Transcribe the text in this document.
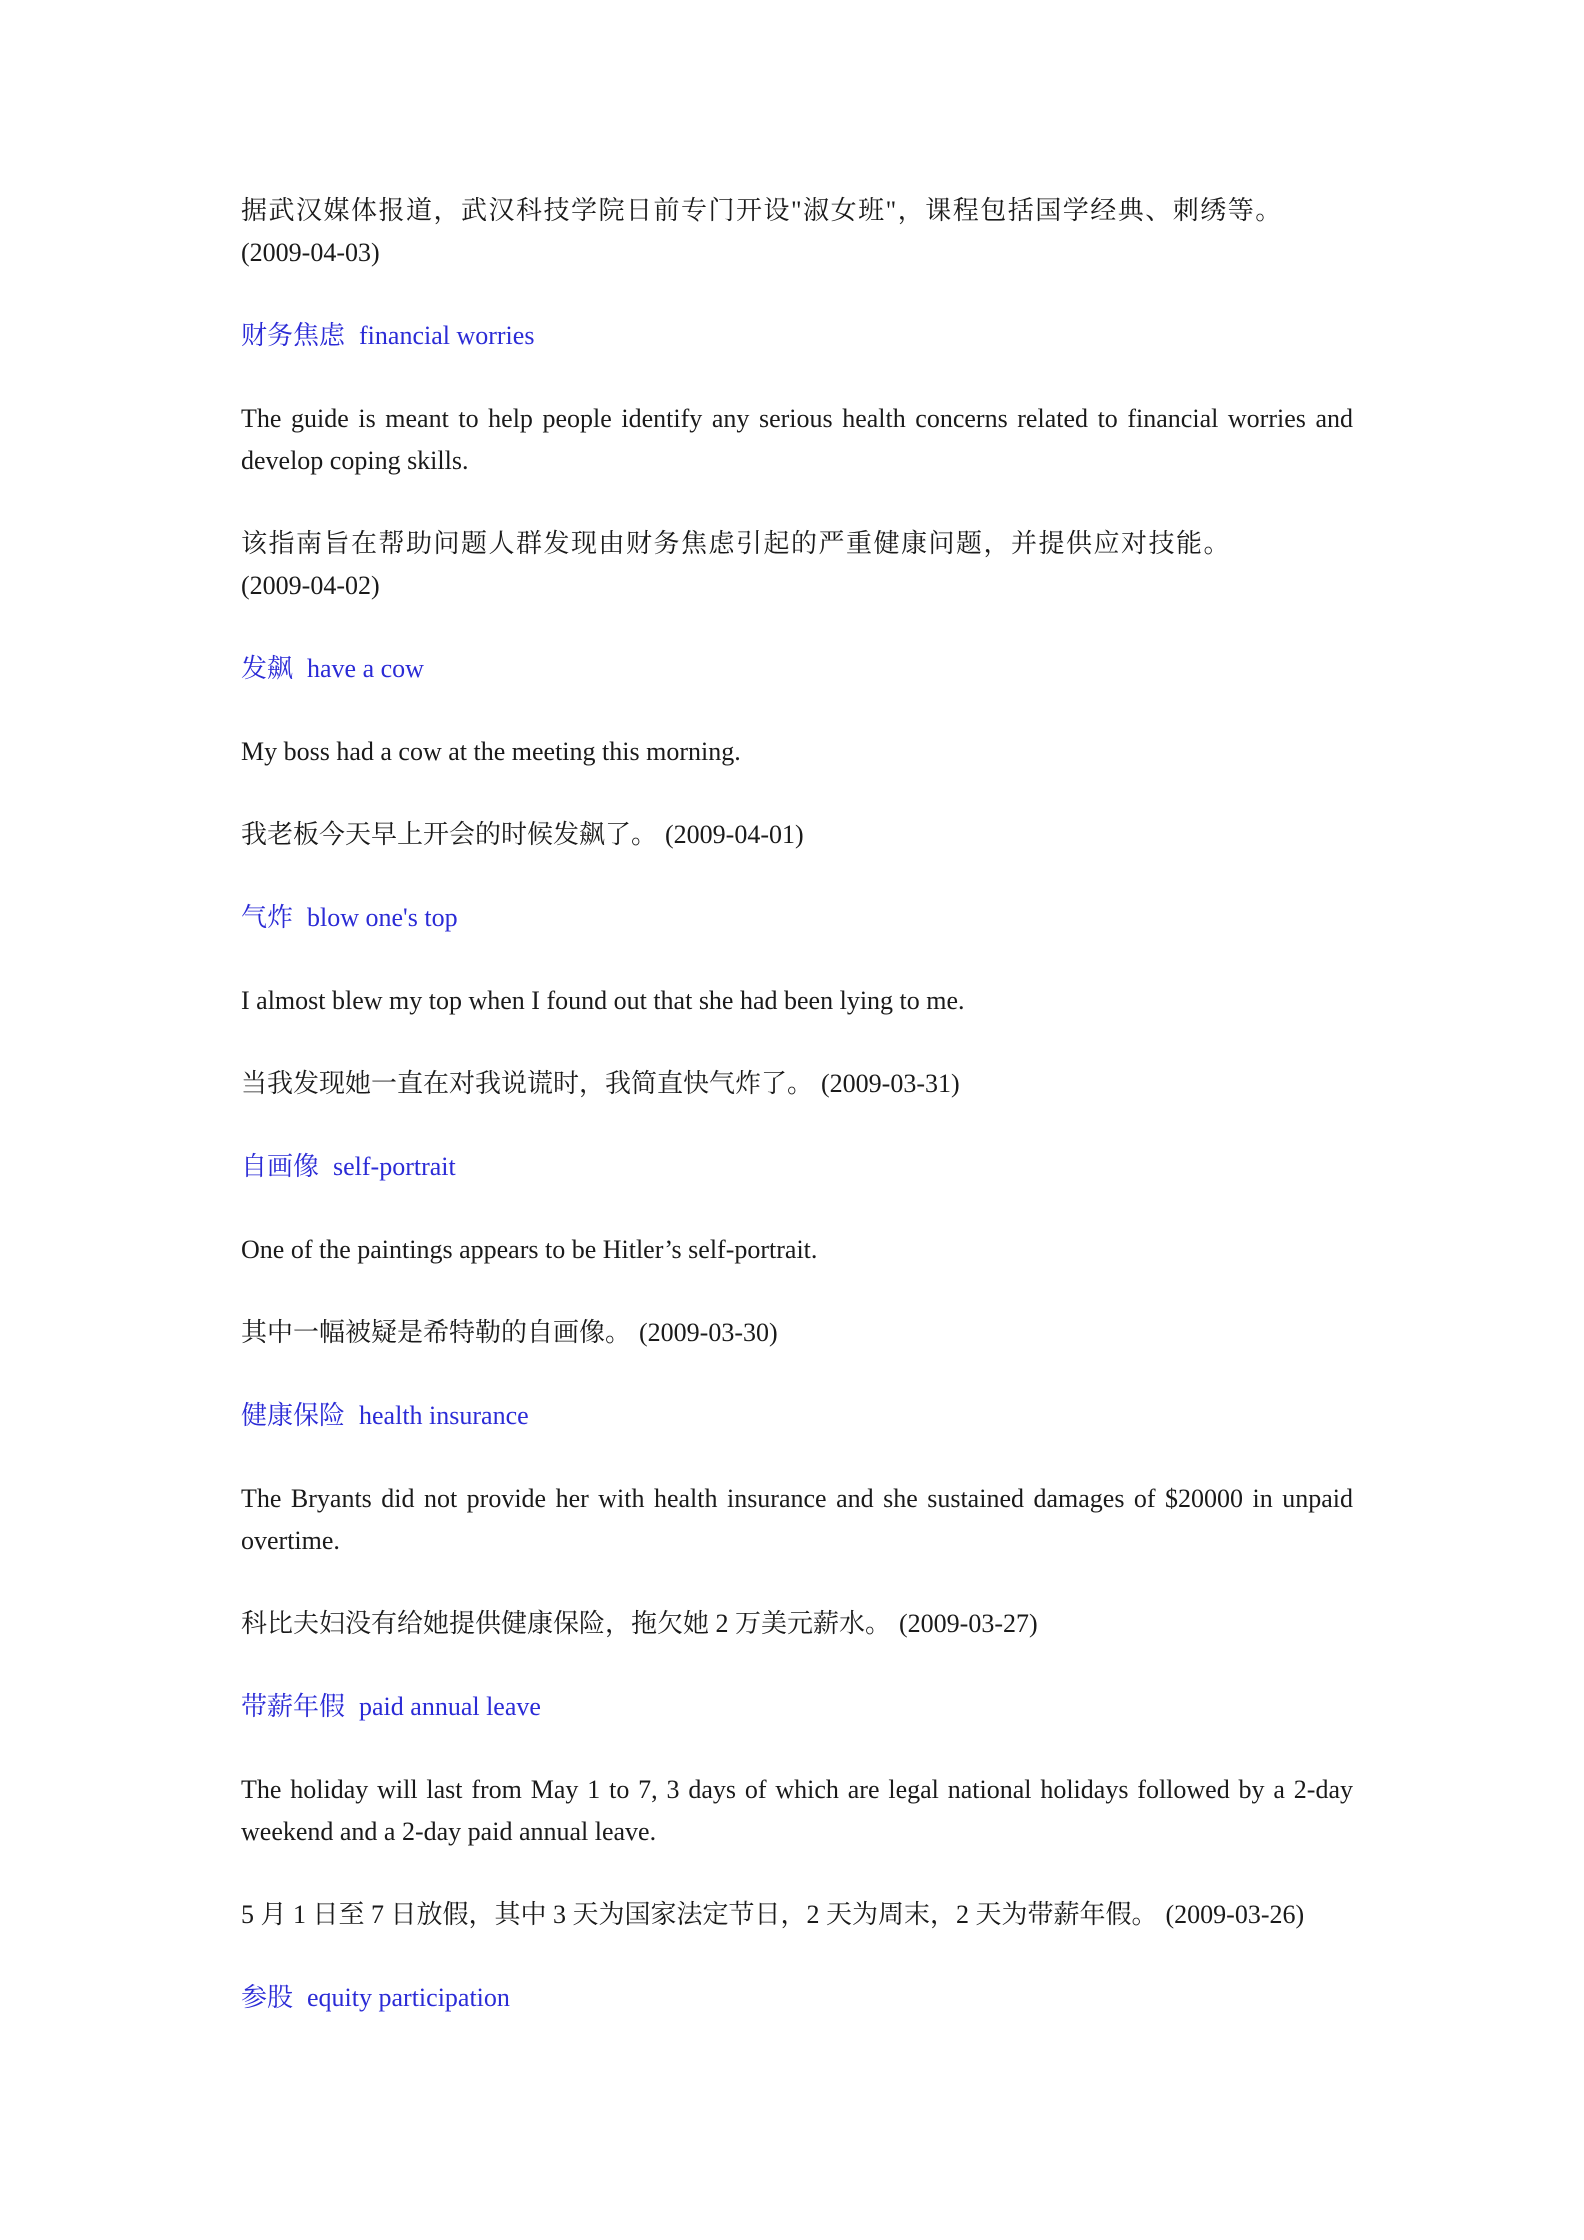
据武汉媒体报道，武汉科技学院日前专门开设"淑女班"，课程包括国学经典、刺绣等。
(2009-04-03)

财务焦虑 financial worries

The guide is meant to help people identify any serious health concerns related to financial worries and develop coping skills.

该指南旨在帮助问题人群发现由财务焦虑引起的严重健康问题，并提供应对技能。
(2009-04-02)

发飙 have a cow

My boss had a cow at the meeting this morning.

我老板今天早上开会的时候发飙了。 (2009-04-01)

气炸 blow one's top

I almost blew my top when I found out that she had been lying to me.

当我发现她一直在对我说谎时，我简直快气炸了。 (2009-03-31)

自画像 self-portrait

One of the paintings appears to be Hitler’s self-portrait.

其中一幅被疑是希特勒的自画像。 (2009-03-30)

健康保险 health insurance

The Bryants did not provide her with health insurance and she sustained damages of $20000 in unpaid overtime.

科比夫妇没有给她提供健康保险，拖欠她 2 万美元薪水。 (2009-03-27)

带薪年假 paid annual leave

The holiday will last from May 1 to 7, 3 days of which are legal national holidays followed by a 2-day weekend and a 2-day paid annual leave.

5 月 1 日至 7 日放假，其中 3 天为国家法定节日，2 天为周末，2 天为带薪年假。 (2009-03-26)

参股 equity participation
